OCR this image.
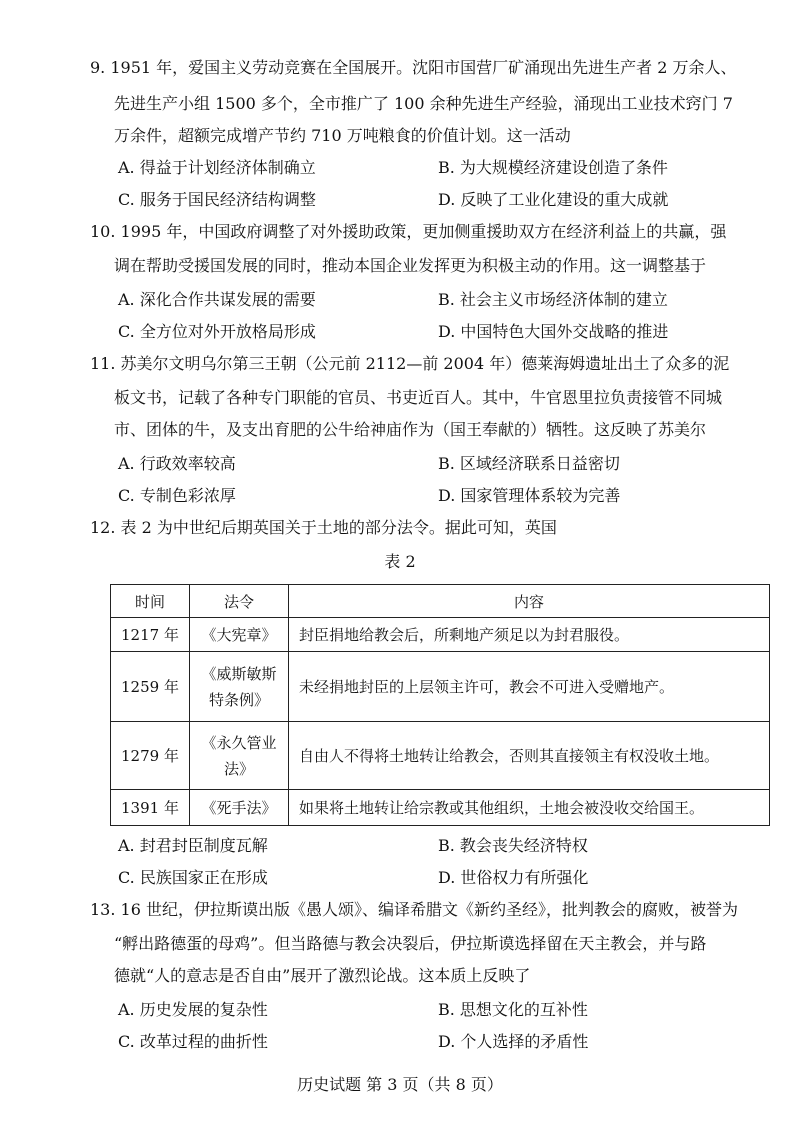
9. 1951 年，爱国主义劳动竞赛在全国展开。沈阳市国营厂矿涌现出先进生产者 2 万余人、
先进生产小组 1500 多个，全市推广了 100 余种先进生产经验，涌现出工业技术窍门 7
万余件，超额完成增产节约 710 万吨粮食的价值计划。这一活动
A. 得益于计划经济体制确立	B. 为大规模经济建设创造了条件
C. 服务于国民经济结构调整	D. 反映了工业化建设的重大成就
10. 1995 年，中国政府调整了对外援助政策，更加侧重援助双方在经济利益上的共赢，强
调在帮助受援国发展的同时，推动本国企业发挥更为积极主动的作用。这一调整基于
A. 深化合作共谋发展的需要	B. 社会主义市场经济体制的建立
C. 全方位对外开放格局形成	D. 中国特色大国外交战略的推进
11. 苏美尔文明乌尔第三王朝（公元前 2112—前 2004 年）德莱海姆遗址出土了众多的泥
板文书，记载了各种专门职能的官员、书吏近百人。其中，牛官恩里拉负责接管不同城
市、团体的牛，及支出育肥的公牛给神庙作为（国王奉献的）牺牲。这反映了苏美尔
A. 行政效率较高	B. 区域经济联系日益密切
C. 专制色彩浓厚	D. 国家管理体系较为完善
12. 表 2 为中世纪后期英国关于土地的部分法令。据此可知，英国
表 2
时间	法令	内容
1217 年	《大宪章》	封臣捐地给教会后，所剩地产须足以为封君服役。
1259 年	《威斯敏斯特条例》	未经捐地封臣的上层领主许可，教会不可进入受赠地产。
1279 年	《永久管业法》	自由人不得将土地转让给教会，否则其直接领主有权没收土地。
1391 年	《死手法》	如果将土地转让给宗教或其他组织，土地会被没收交给国王。
A. 封君封臣制度瓦解	B. 教会丧失经济特权
C. 民族国家正在形成	D. 世俗权力有所强化
13. 16 世纪，伊拉斯谟出版《愚人颂》、编译希腊文《新约圣经》，批判教会的腐败，被誉为
“孵出路德蛋的母鸡”。但当路德与教会决裂后，伊拉斯谟选择留在天主教会，并与路
德就“人的意志是否自由”展开了激烈论战。这本质上反映了
A. 历史发展的复杂性	B. 思想文化的互补性
C. 改革过程的曲折性	D. 个人选择的矛盾性
历史试题 第 3 页（共 8 页）
